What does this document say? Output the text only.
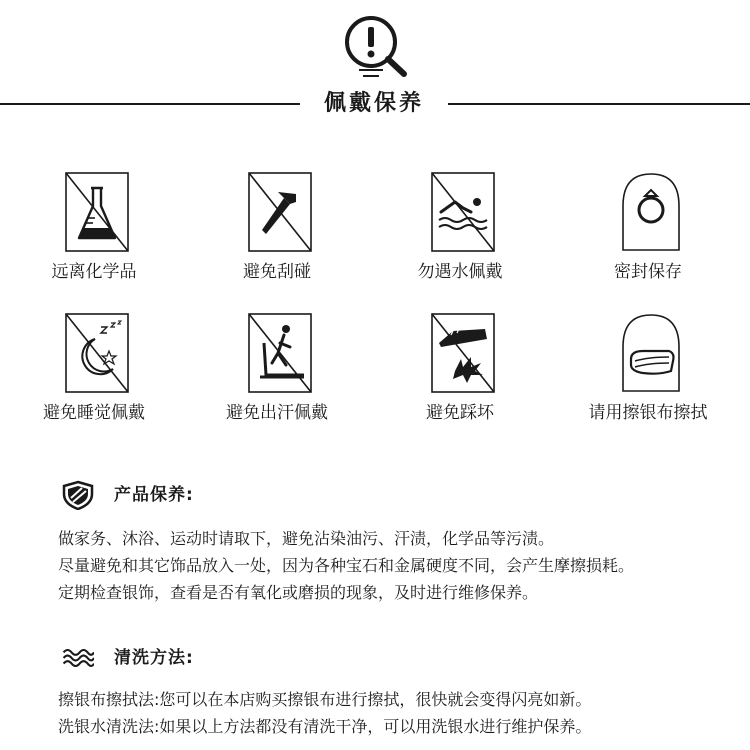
佩戴保养
远离化学品	避免刮碰	勿遇水佩戴	密封保存
避免睡觉佩戴	避免出汗佩戴	避免踩坏	请用擦银布擦拭
产品保养:
做家务、沐浴、运动时请取下，避免沾染油污、汗渍，化学品等污渍。
尽量避免和其它饰品放入一处，因为各种宝石和金属硬度不同，会产生摩擦损耗。
定期检查银饰，查看是否有氧化或磨损的现象，及时进行维修保养。
清洗方法:
擦银布擦拭法:您可以在本店购买擦银布进行擦拭，很快就会变得闪亮如新。
洗银水清洗法:如果以上方法都没有清洗干净，可以用洗银水进行维护保养。
